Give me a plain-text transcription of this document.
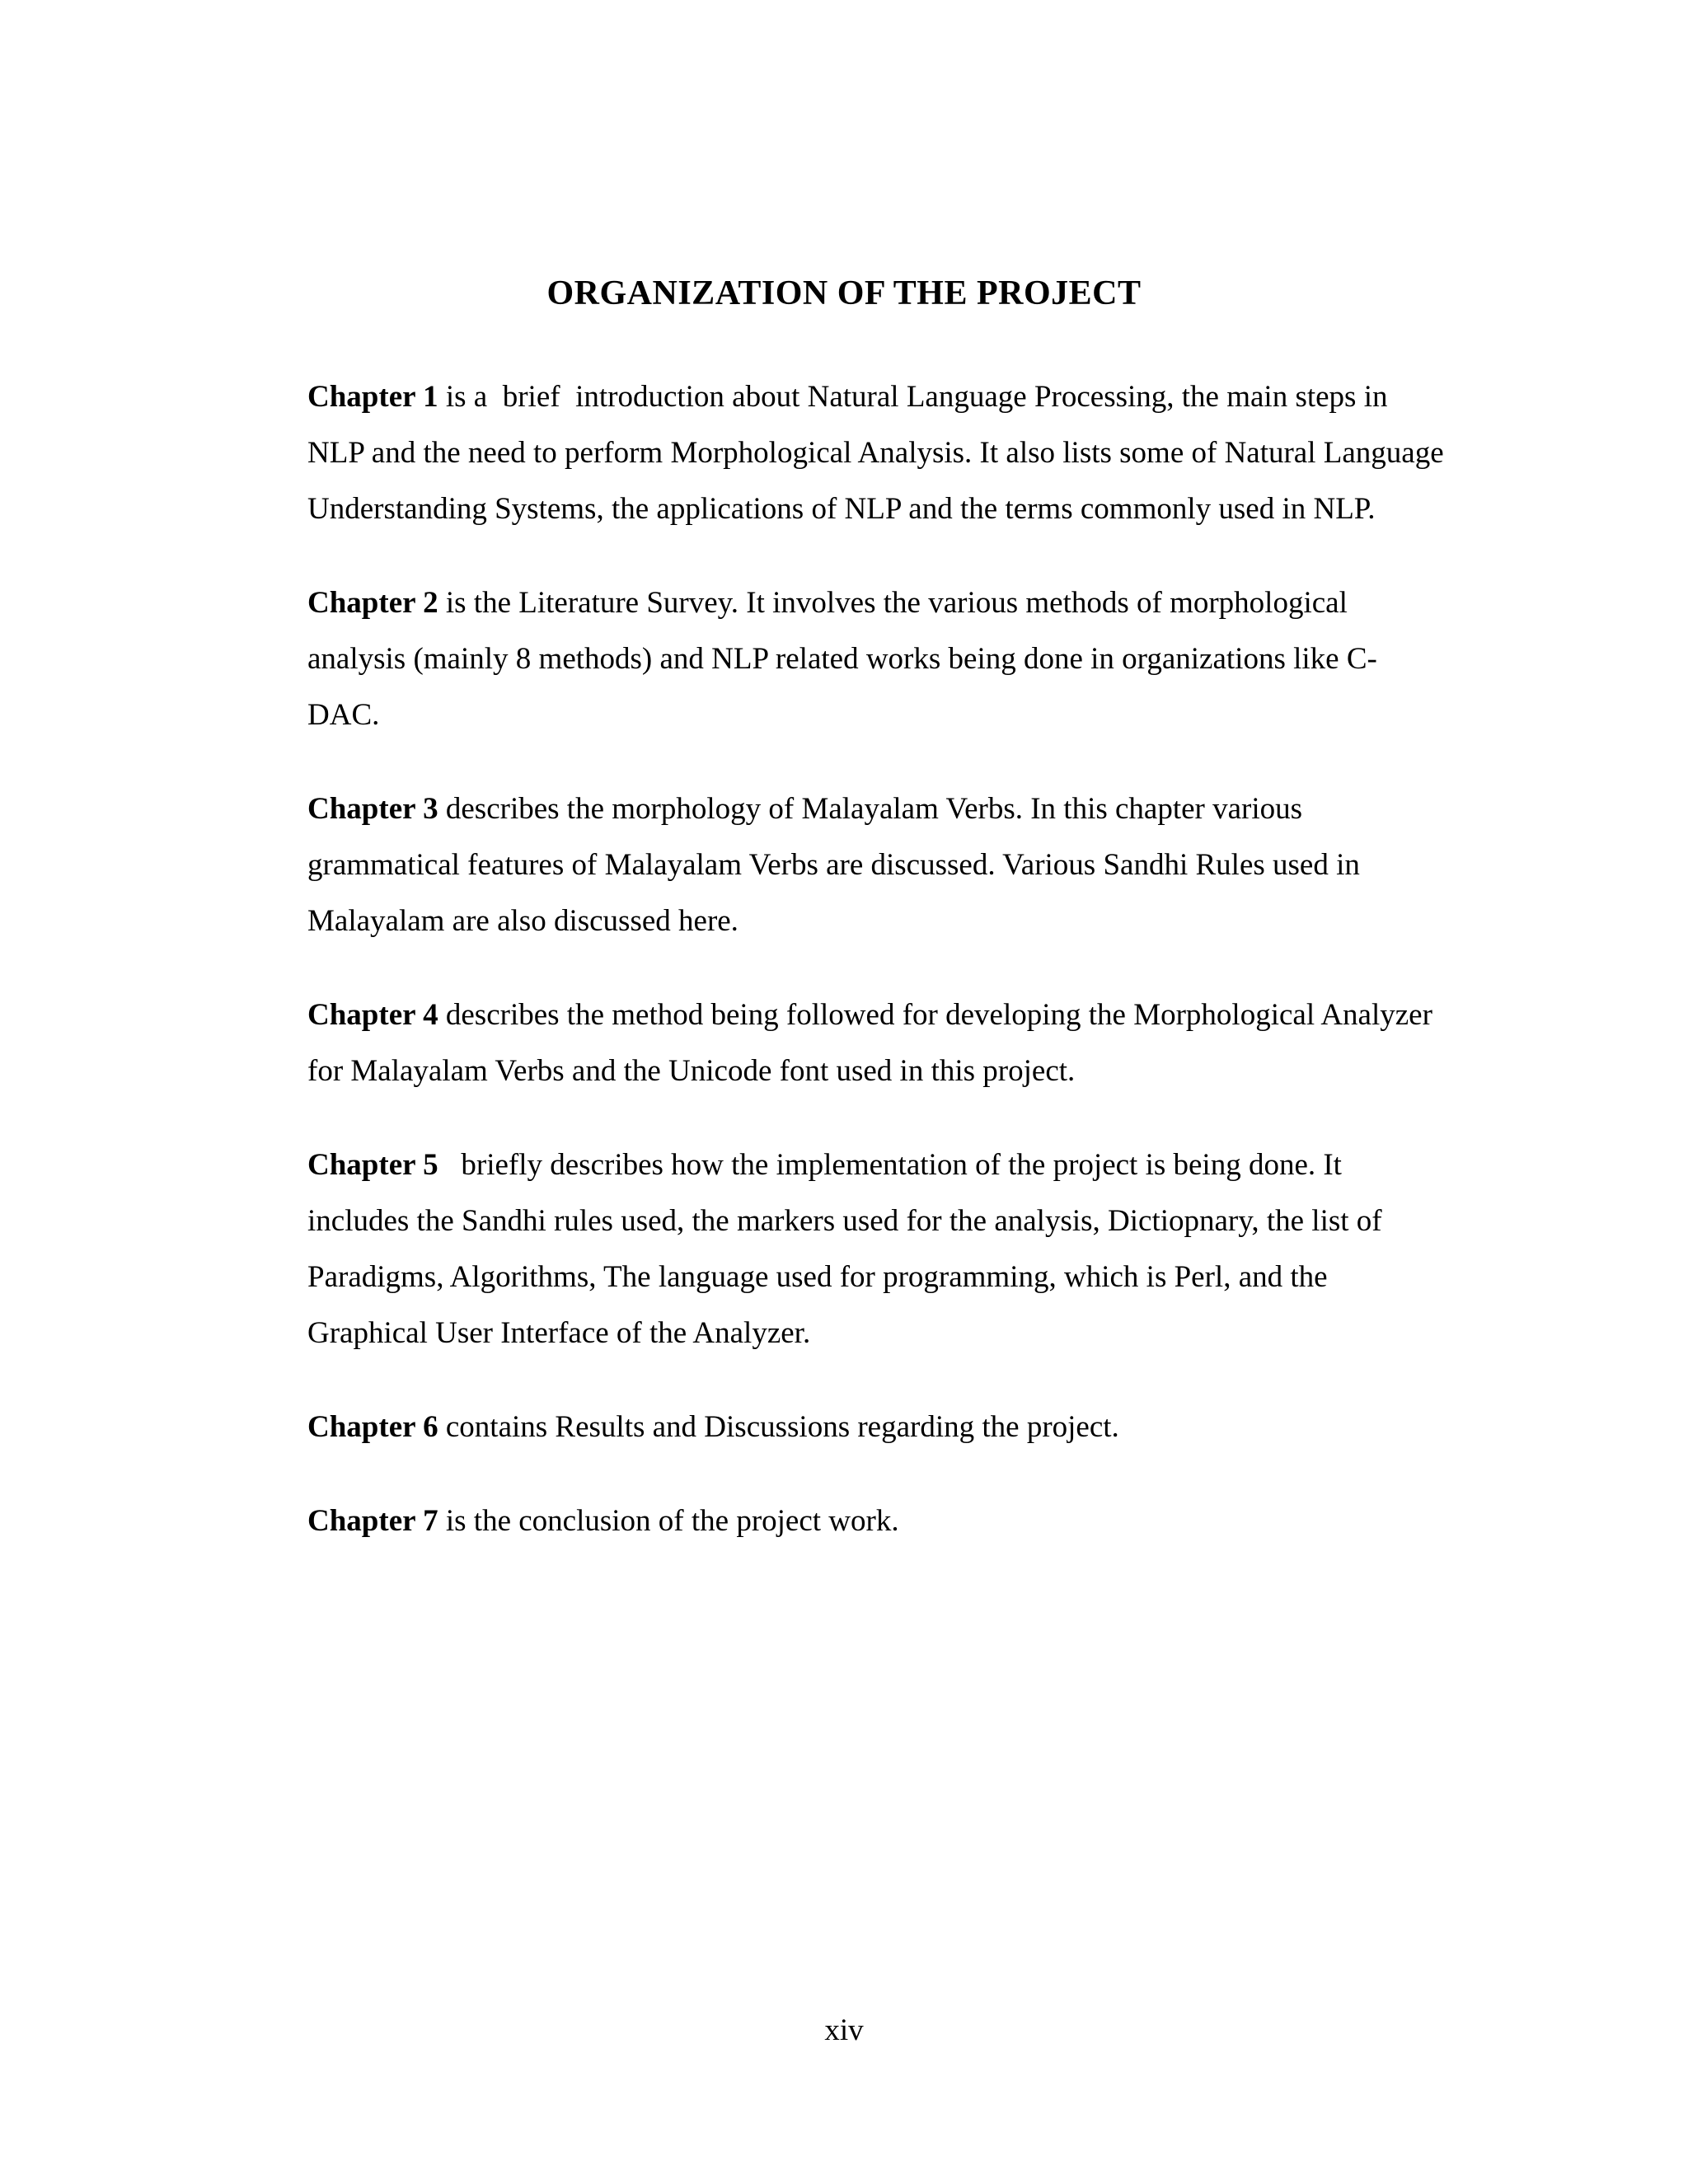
ORGANIZATION OF THE PROJECT

Chapter 1 is a  brief  introduction about Natural Language Processing, the main steps in NLP and the need to perform Morphological Analysis. It also lists some of Natural Language Understanding Systems, the applications of NLP and the terms commonly used in NLP.

Chapter 2 is the Literature Survey. It involves the various methods of morphological analysis (mainly 8 methods) and NLP related works being done in organizations like C-DAC.

Chapter 3 describes the morphology of Malayalam Verbs. In this chapter various grammatical features of Malayalam Verbs are discussed. Various Sandhi Rules used in Malayalam are also discussed here.

Chapter 4 describes the method being followed for developing the Morphological Analyzer for Malayalam Verbs and the Unicode font used in this project.

Chapter 5   briefly describes how the implementation of the project is being done. It includes the Sandhi rules used, the markers used for the analysis, Dictiopnary, the list of Paradigms, Algorithms, The language used for programming, which is Perl, and the Graphical User Interface of the Analyzer.

Chapter 6 contains Results and Discussions regarding the project.

Chapter 7 is the conclusion of the project work.

xiv
